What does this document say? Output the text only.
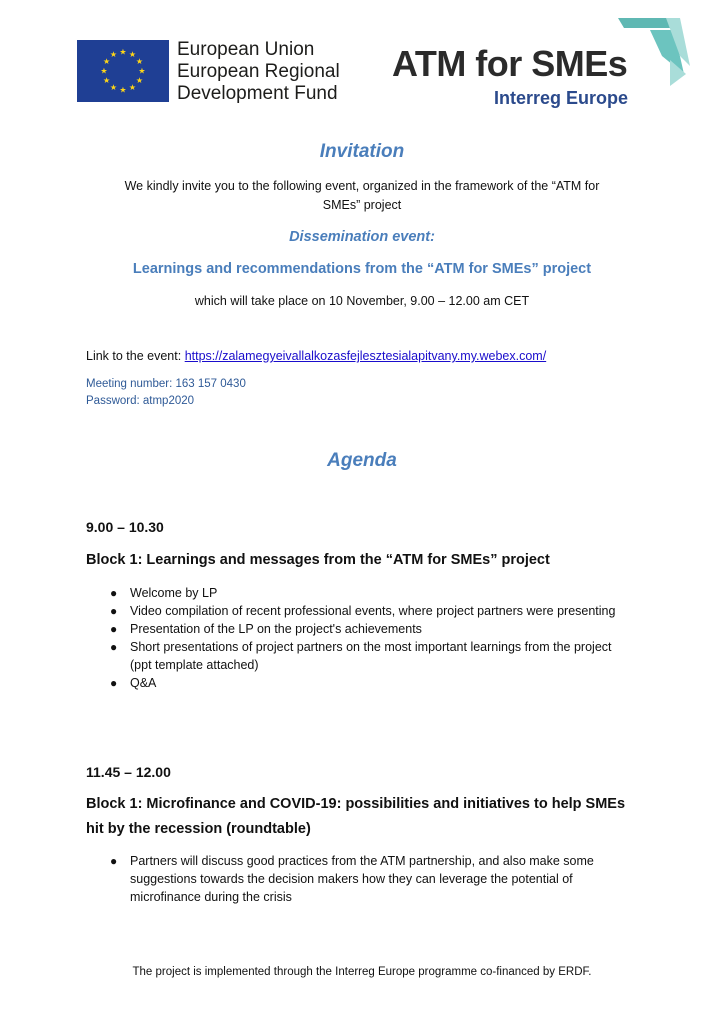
★ ★
★
★
★
★
★
★
★
★
★
★	European Union
European Regional
Development Fund
ATM for SMEs
Interreg Europe
Invitation
We kindly invite you to the following event, organized in the framework of the “ATM for
SMEs” project
Dissemination event:
Learnings and recommendations from the “ATM for SMEs” project
which will take place on 10 November, 9.00 – 12.00 am CET
Link to the event: https://zalamegyeivallalkozasfejlesztesialapitvany.my.webex.com/
Meeting number: 163 157 0430
Password: atmp2020
Agenda
9.00 – 10.30
Block 1: Learnings and messages from the “ATM for SMEs” project
● Welcome by LP
● Video compilation of recent professional events, where project partners were presenting
● Presentation of the LP on the project's achievements
● Short presentations of project partners on the most important learnings from the project (ppt template attached)
● Q&A
11.45 – 12.00
Block 1: Microfinance and COVID-19: possibilities and initiatives to help SMEs hit by the recession (roundtable)
● Partners will discuss good practices from the ATM partnership, and also make some suggestions towards the decision makers how they can leverage the potential of microfinance during the crisis
The project is implemented through the Interreg Europe programme co-financed by ERDF.
